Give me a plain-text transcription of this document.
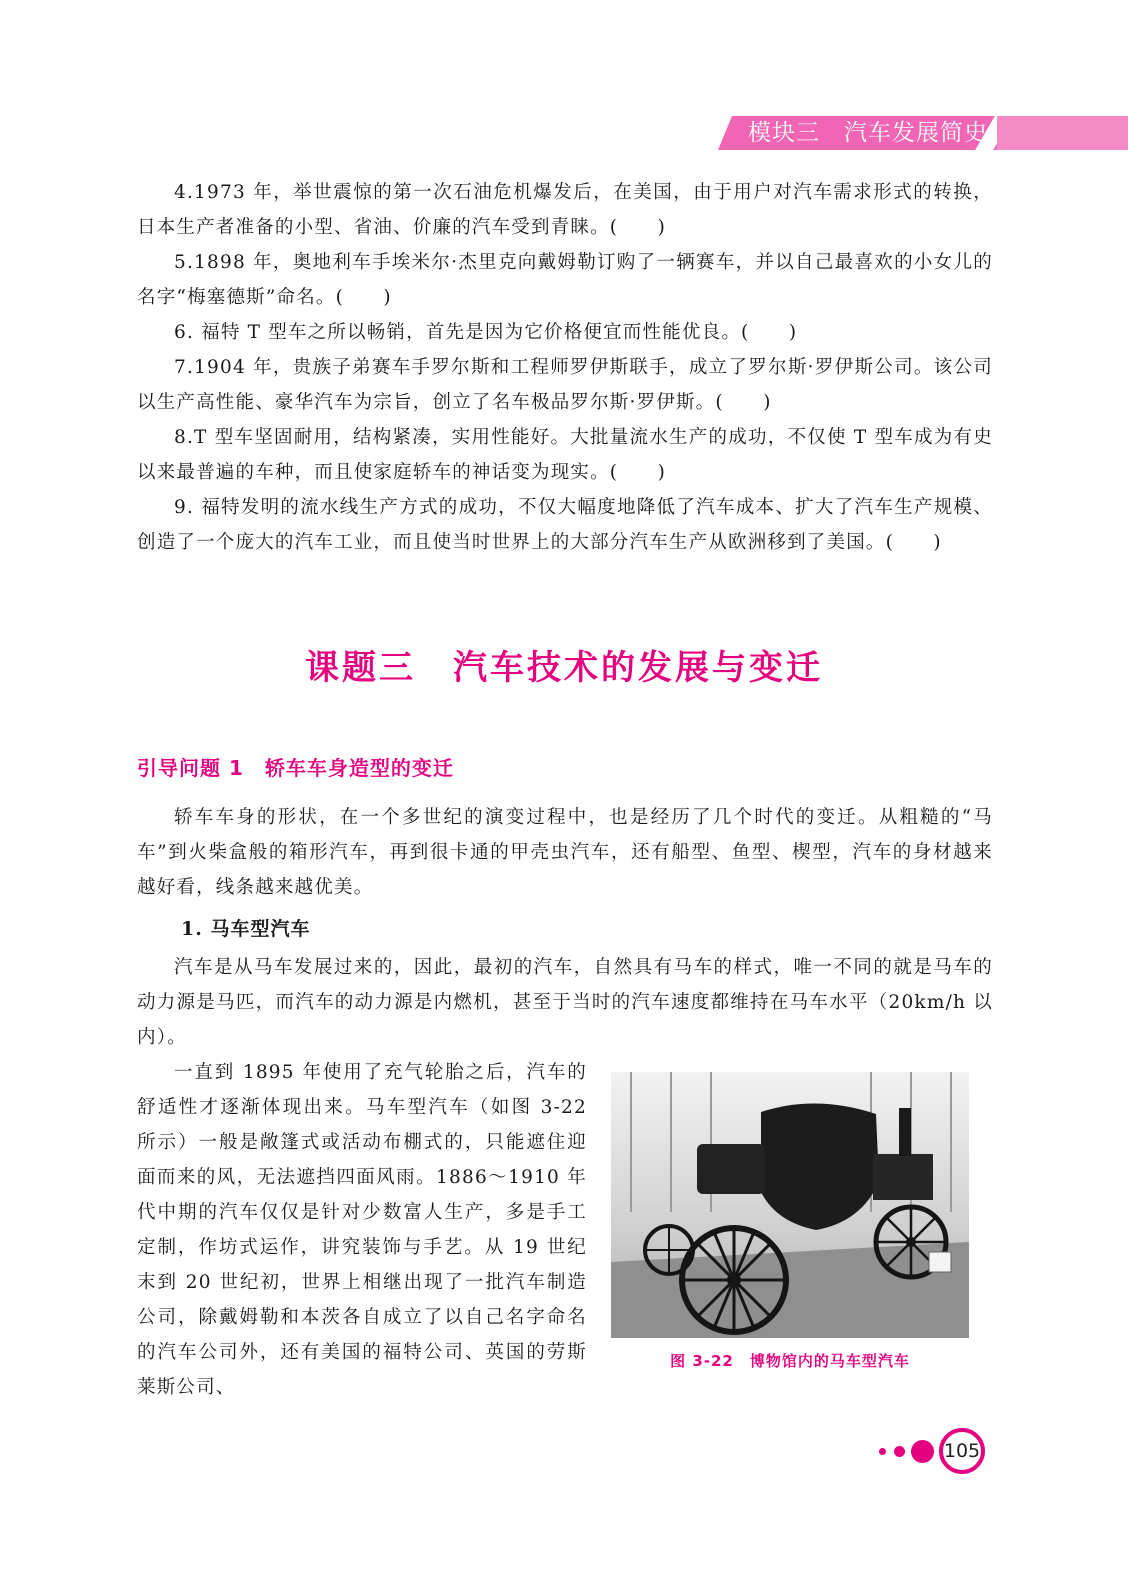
模块三　 汽车发展简史

4.1973 年，举世震惊的第一次石油危机爆发后，在美国，由于用户对汽车需求形式的转换，日本生产者准备的小型、省油、价廉的汽车受到青睐。(　　)

5.1898 年，奥地利车手埃米尔·杰里克向戴姆勒订购了一辆赛车，并以自己最喜欢的小女儿的名字“梅塞德斯”命名。(　　)

6. 福特 T 型车之所以畅销，首先是因为它价格便宜而性能优良。(　　)

7.1904 年，贵族子弟赛车手罗尔斯和工程师罗伊斯联手，成立了罗尔斯·罗伊斯公司。该公司以生产高性能、豪华汽车为宗旨，创立了名车极品罗尔斯·罗伊斯。(　　)

8.T 型车坚固耐用，结构紧凑，实用性能好。大批量流水生产的成功，不仅使 T 型车成为有史以来最普遍的车种，而且使家庭轿车的神话变为现实。(　　)

9. 福特发明的流水线生产方式的成功，不仅大幅度地降低了汽车成本、扩大了汽车生产规模、创造了一个庞大的汽车工业，而且使当时世界上的大部分汽车生产从欧洲移到了美国。(　　)

课题三　汽车技术的发展与变迁
引导问题 1　轿车车身造型的变迁

轿车车身的形状，在一个多世纪的演变过程中，也是经历了几个时代的变迁。从粗糙的“马车”到火柴盒般的箱形汽车，再到很卡通的甲壳虫汽车，还有船型、鱼型、楔型，汽车的身材越来越好看，线条越来越优美。

1. 马车型汽车

汽车是从马车发展过来的，因此，最初的汽车，自然具有马车的样式，唯一不同的就是马车的动力源是马匹，而汽车的动力源是内燃机，甚至于当时的汽车速度都维持在马车水平（20km/h 以内）。

一直到 1895 年使用了充气轮胎之后，汽车的舒适性才逐渐体现出来。马车型汽车（如图 3-22 所示）一般是敞篷式或活动布棚式的，只能遮住迎面而来的风，无法遮挡四面风雨。1886～1910 年代中期的汽车仅仅是针对少数富人生产，多是手工定制，作坊式运作，讲究装饰与手艺。从 19 世纪末到 20 世纪初，世界上相继出现了一批汽车制造公司，除戴姆勒和本茨各自成立了以自己名字命名的汽车公司外，还有美国的福特公司、英国的劳斯莱斯公司、

图 3-22　博物馆内的马车型汽车
105
